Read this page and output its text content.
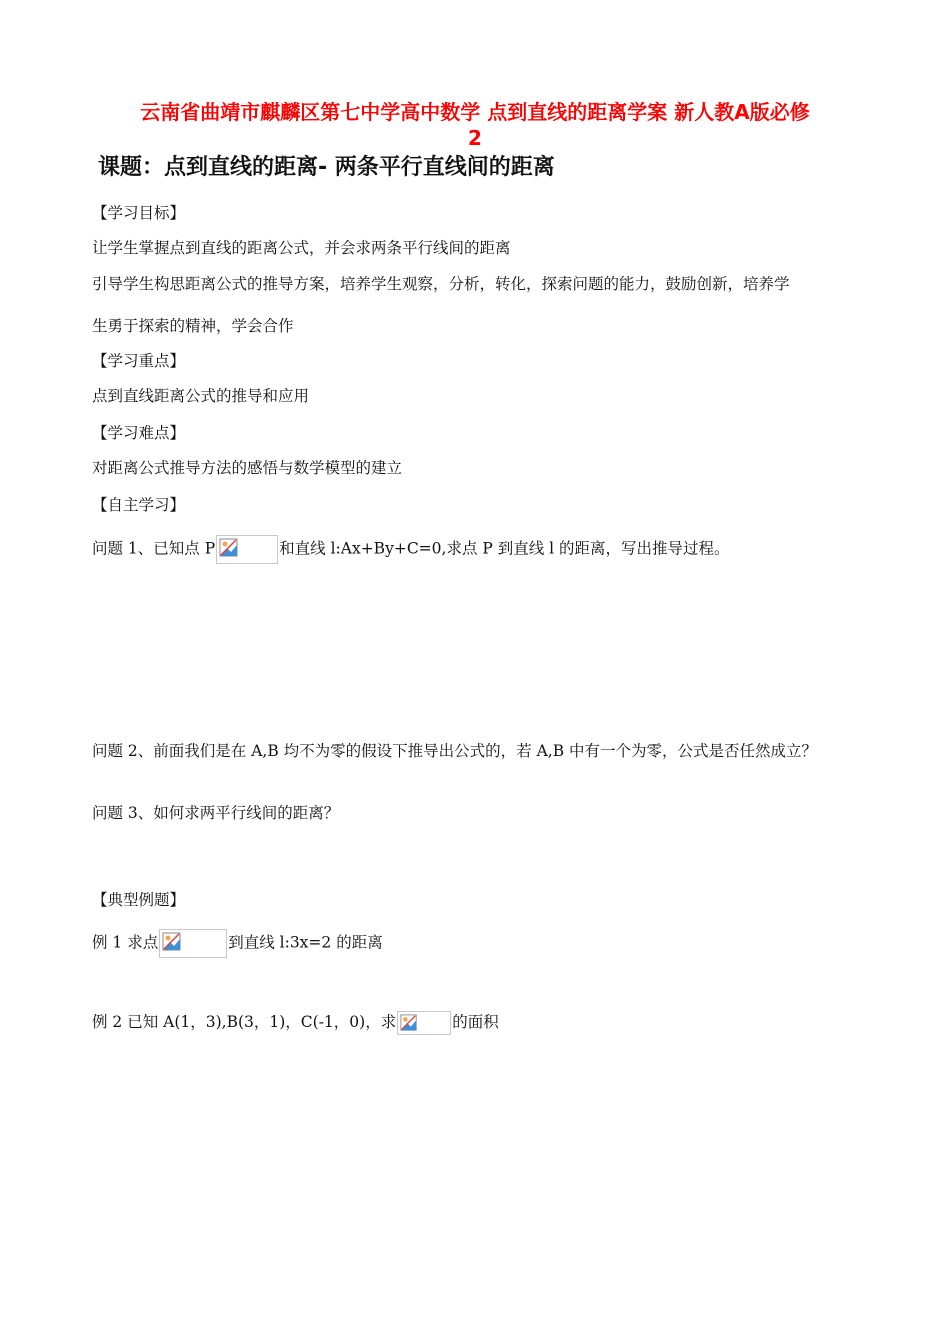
云南省曲靖市麒麟区第七中学高中数学 点到直线的距离学案 新人教A版必修
2
课题：点到直线的距离- 两条平行直线间的距离
【学习目标】
让学生掌握点到直线的距离公式，并会求两条平行线间的距离
引导学生构思距离公式的推导方案，培养学生观察，分析，转化，探索问题的能力，鼓励创新，培养学
生勇于探索的精神，学会合作
【学习重点】
点到直线距离公式的推导和应用
【学习难点】
对距离公式推导方法的感悟与数学模型的建立
【自主学习】
问题 1、已知点 P	和直线 l:Ax+By+C=0,求点 P 到直线 l 的距离，写出推导过程。
问题 2、前面我们是在 A,B 均不为零的假设下推导出公式的，若 A,B 中有一个为零，公式是否任然成立？
问题 3、如何求两平行线间的距离？
【典型例题】
例 1 求点	到直线 l:3x=2 的距离
例 2 已知 A(1，3),B(3，1)，C(-1，0)，求	的面积
